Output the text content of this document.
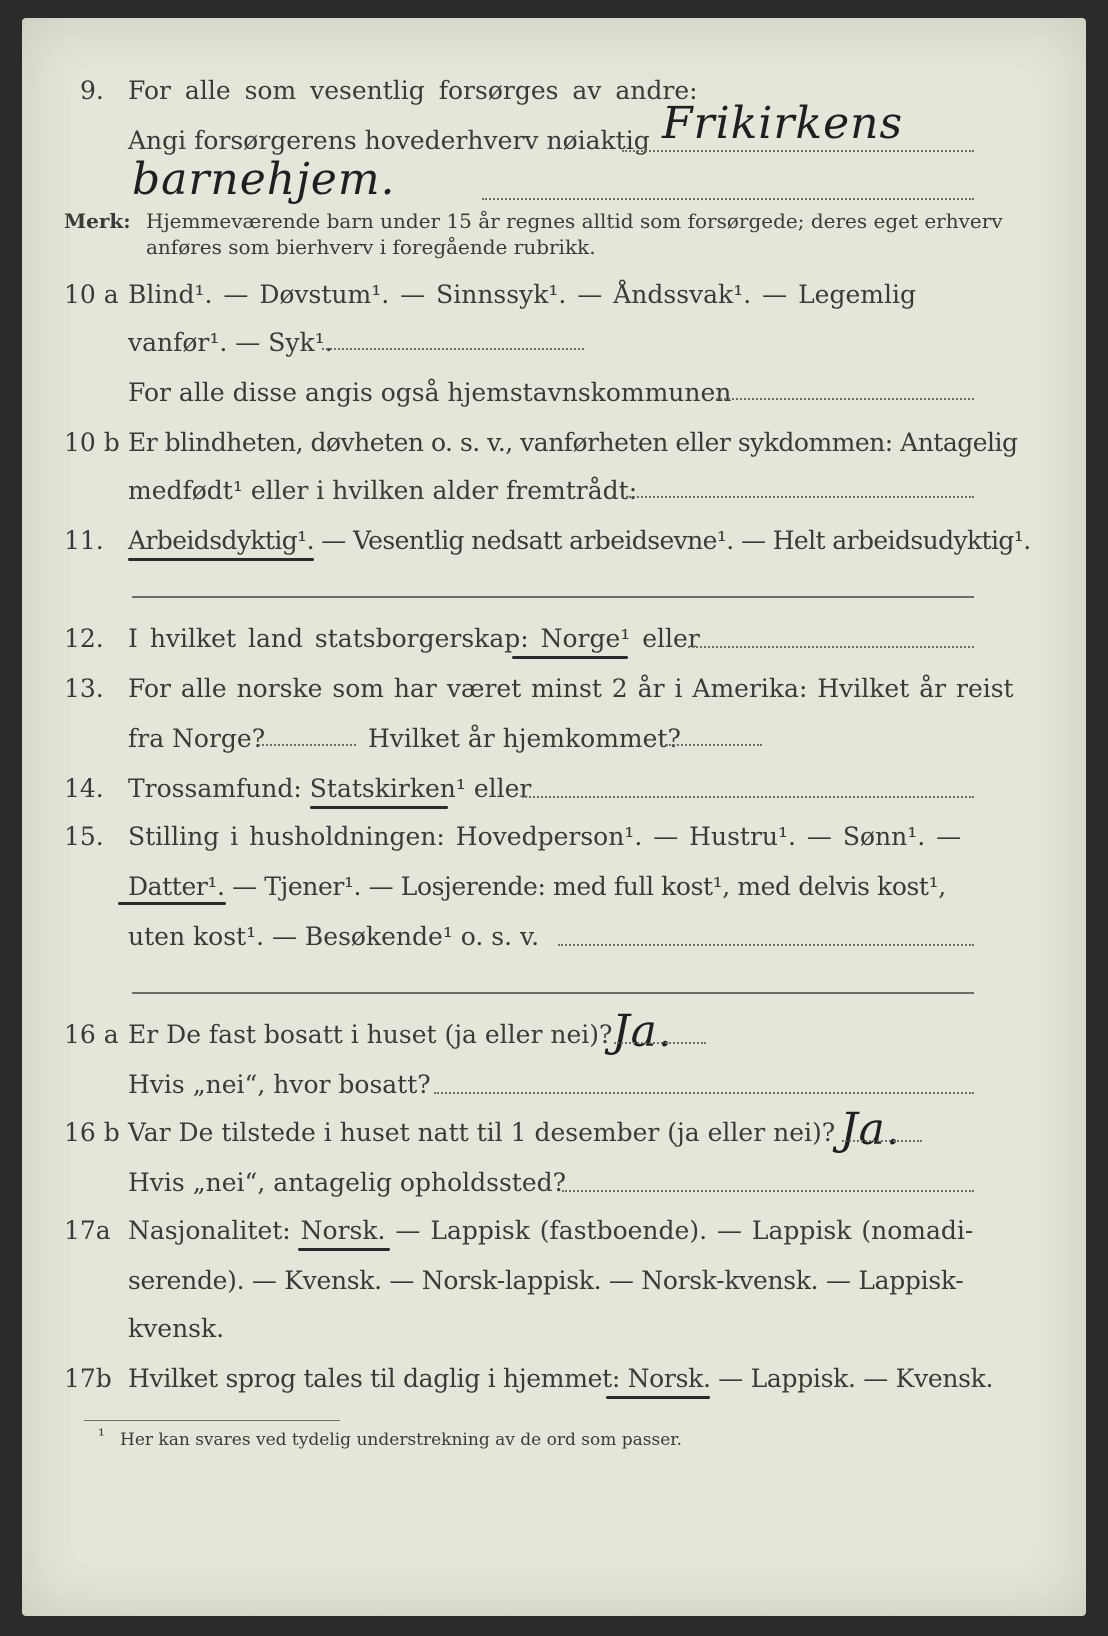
9. For alle som vesentlig forsørges av andre:
Angi forsørgerens hovederhverv nøiaktig Frikirkens
barnehjem.
Merk: Hjemmeværende barn under 15 år regnes alltid som forsørgede; deres eget erhverv
anføres som bierhverv i foregående rubrikk.
10 a Blind¹. — Døvstum¹. — Sinnssyk¹. — Åndssvak¹. — Legemlig
vanfør¹. — Syk¹.
For alle disse angis også hjemstavnskommunen
10 b Er blindheten, døvheten o. s. v., vanførheten eller sykdommen: Antagelig
medfødt¹ eller i hvilken alder fremtrådt:
11. Arbeidsdyktig¹. — Vesentlig nedsatt arbeidsevne¹. — Helt arbeidsudyktig¹.
12. I hvilket land statsborgerskap: Norge¹ eller
13. For alle norske som har været minst 2 år i Amerika: Hvilket år reist
fra Norge?	Hvilket år hjemkommet?
14. Trossamfund: Statskirken¹ eller
15. Stilling i husholdningen: Hovedperson¹. — Hustru¹. — Sønn¹. —
Datter¹. — Tjener¹. — Losjerende: med full kost¹, med delvis kost¹,
uten kost¹. — Besøkende¹ o. s. v.
16 a Er De fast bosatt i huset (ja eller nei)? Ja.
Hvis „nei“, hvor bosatt?
16 b Var De tilstede i huset natt til 1 desember (ja eller nei)? Ja.
Hvis „nei“, antagelig opholdssted?
17a Nasjonalitet: Norsk. — Lappisk (fastboende). — Lappisk (nomadi-
serende). — Kvensk. — Norsk-lappisk. — Norsk-kvensk. — Lappisk-
kvensk.
17b Hvilket sprog tales til daglig i hjemmet: Norsk. — Lappisk. — Kvensk.
¹ Her kan svares ved tydelig understrekning av de ord som passer.
